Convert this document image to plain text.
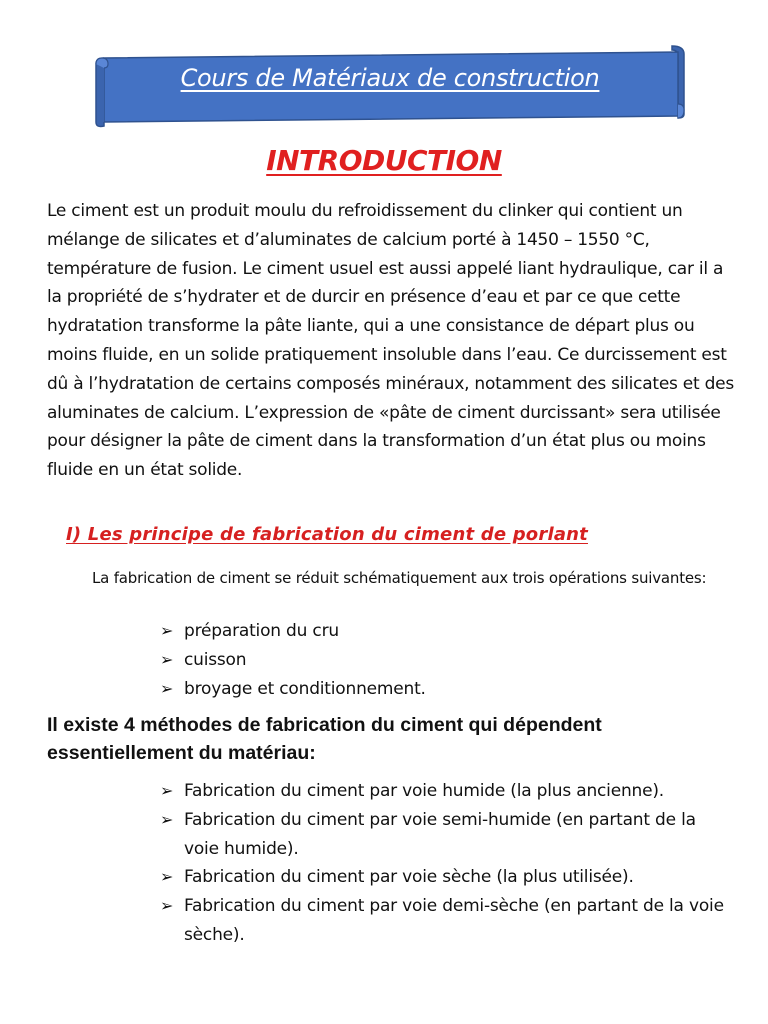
Cours de Matériaux de construction
INTRODUCTION

Le ciment est un produit moulu du refroidissement du clinker qui contient un mélange de silicates et d’aluminates de calcium porté à 1450 – 1550 °C, température de fusion. Le ciment usuel est aussi appelé liant hydraulique, car il a la propriété de s’hydrater et de durcir en présence d’eau et par ce que cette hydratation transforme la pâte liante, qui a une consistance de départ plus ou moins fluide, en un solide pratiquement insoluble dans l’eau. Ce durcissement est dû à l’hydratation de certains composés minéraux, notamment des silicates et des aluminates de calcium. L’expression de «pâte de ciment durcissant» sera utilisée pour désigner la pâte de ciment dans la transformation d’un état plus ou moins fluide en un état solide.

I) Les principe de fabrication du ciment de porlant

La fabrication de ciment se réduit schématiquement aux trois opérations suivantes:

➢ préparation du cru
➢ cuisson
➢ broyage et conditionnement.

Il existe 4 méthodes de fabrication du ciment qui dépendent essentiellement du matériau:

➢ Fabrication du ciment par voie humide (la plus ancienne).
➢ Fabrication du ciment par voie semi-humide (en partant de la voie humide).
➢ Fabrication du ciment par voie sèche (la plus utilisée).
➢ Fabrication du ciment par voie demi-sèche (en partant de la voie sèche).
